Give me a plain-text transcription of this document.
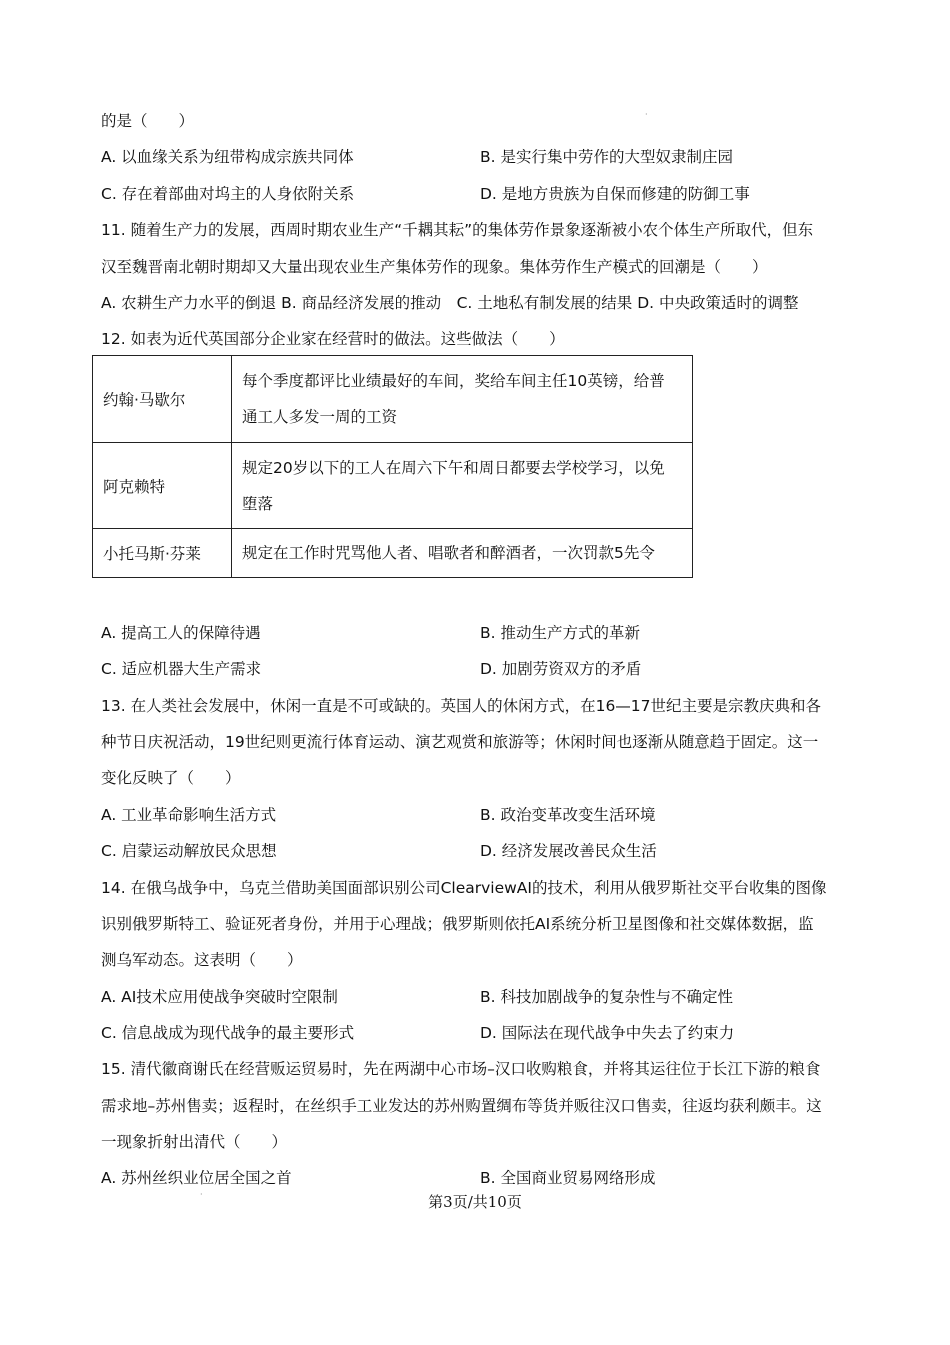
的是（　　）
A. 以血缘关系为纽带构成宗族共同体	B. 是实行集中劳作的大型奴隶制庄园
C. 存在着部曲对坞主的人身依附关系	D. 是地方贵族为自保而修建的防御工事
11. 随着生产力的发展，西周时期农业生产“千耦其耘”的集体劳作景象逐渐被小农个体生产所取代，但东
汉至魏晋南北朝时期却又大量出现农业生产集体劳作的现象。集体劳作生产模式的回潮是（　　）
A. 农耕生产力水平的倒退 B. 商品经济发展的推动　C. 土地私有制发展的结果 D. 中央政策适时的调整
12. 如表为近代英国部分企业家在经营时的做法。这些做法（　　）
约翰·马歇尔	每个季度都评比业绩最好的车间，奖给车间主任10英镑，给普
通工人多发一周的工资

阿克赖特	规定20岁以下的工人在周六下午和周日都要去学校学习，以免
堕落

小托马斯·芬莱	规定在工作时咒骂他人者、唱歌者和醉酒者，一次罚款5先令
A. 提高工人的保障待遇	B. 推动生产方式的革新
C. 适应机器大生产需求	D. 加剧劳资双方的矛盾
13. 在人类社会发展中，休闲一直是不可或缺的。英国人的休闲方式，在16—17世纪主要是宗教庆典和各
种节日庆祝活动，19世纪则更流行体育运动、演艺观赏和旅游等；休闲时间也逐渐从随意趋于固定。这一
变化反映了（　　）
A. 工业革命影响生活方式	B. 政治变革改变生活环境
C. 启蒙运动解放民众思想	D. 经济发展改善民众生活
14. 在俄乌战争中，乌克兰借助美国面部识别公司ClearviewAI的技术，利用从俄罗斯社交平台收集的图像
识别俄罗斯特工、验证死者身份，并用于心理战；俄罗斯则依托AI系统分析卫星图像和社交媒体数据，监
测乌军动态。这表明（　　）
A. AI技术应用使战争突破时空限制	B. 科技加剧战争的复杂性与不确定性
C. 信息战成为现代战争的最主要形式	D. 国际法在现代战争中失去了约束力
15. 清代徽商谢氏在经营贩运贸易时，先在两湖中心市场–汉口收购粮食，并将其运往位于长江下游的粮食
需求地–苏州售卖；返程时，在丝织手工业发达的苏州购置绸布等货并贩往汉口售卖，往返均获利颇丰。这
一现象折射出清代（　　）
A. 苏州丝织业位居全国之首	B. 全国商业贸易网络形成
第3页/共10页
·
·
